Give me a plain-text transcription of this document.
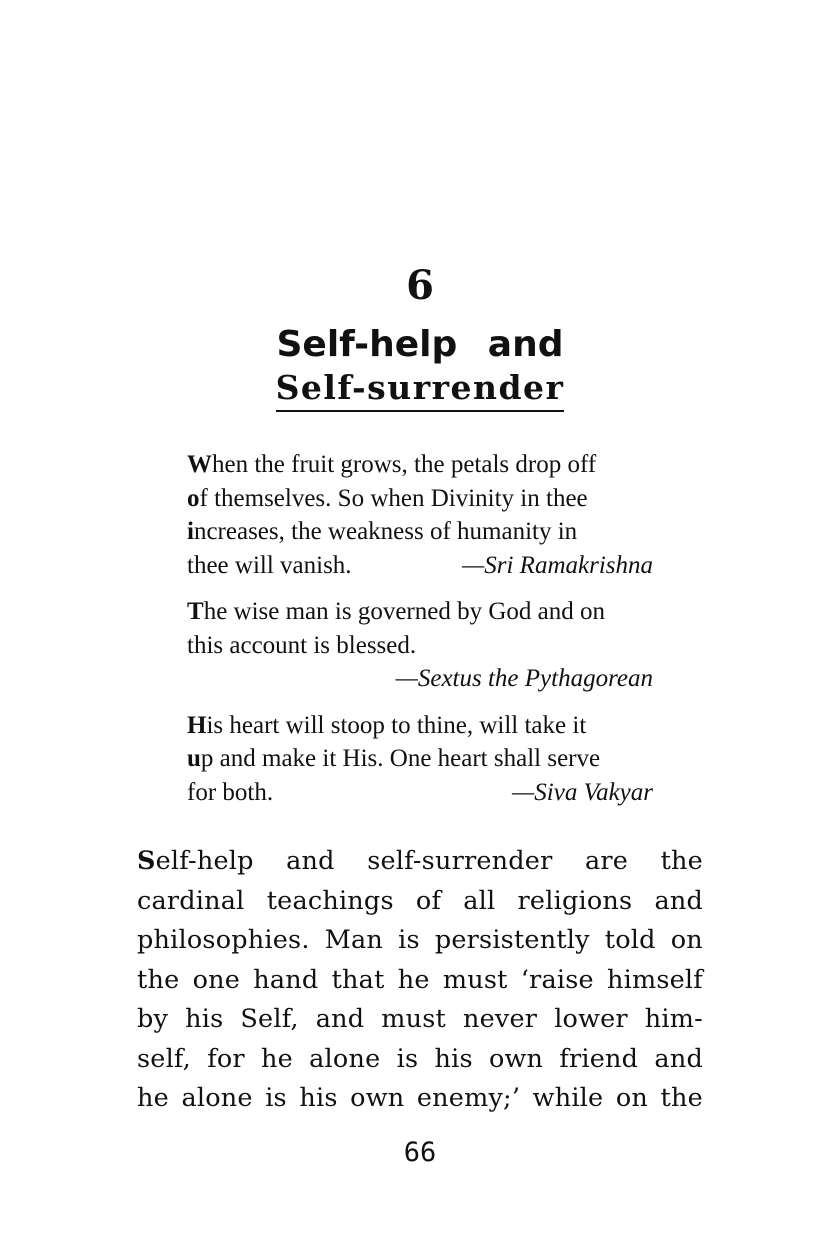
6
Self-help and
Self-surrender
When the fruit grows, the petals drop off
of themselves. So when Divinity in thee
increases, the weakness of humanity in
thee will vanish.	—Sri Ramakrishna
The wise man is governed by God and on
this account is blessed.
—Sextus the Pythagorean
His heart will stoop to thine, will take it
up and make it His. One heart shall serve
for both.	—Siva Vakyar
Self-help and self-surrender are the
cardinal teachings of all religions and
philosophies. Man is persistently told on
the one hand that he must ‘raise himself
by his Self, and must never lower him-
self, for he alone is his own friend and
he alone is his own enemy;’ while on the
66
